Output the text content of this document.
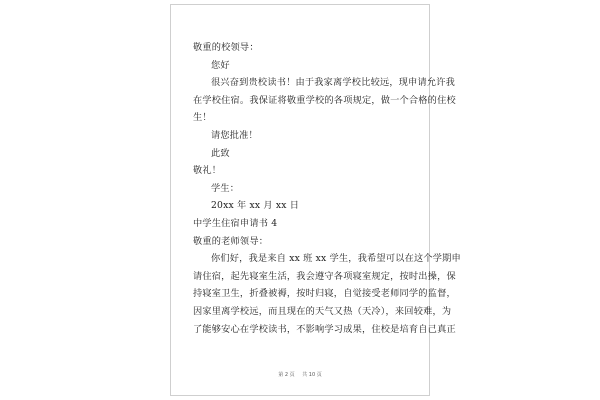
敬重的校领导：
您好
很兴奋到贵校读书！由于我家离学校比较远，现申请允许我
在学校住宿。我保证将敬重学校的各项规定，做一个合格的住校
生！
请您批准！
此致
敬礼！
学生：
20xx 年 xx 月 xx 日
中学生住宿申请书 4
敬重的老师领导：
你们好，我是来自 xx 班 xx 学生，我希望可以在这个学期申
请住宿，起先寝室生活，我会遵守各项寝室规定，按时出操，保
持寝室卫生，折叠被褥，按时归寝，自觉接受老师同学的监督，
因家里离学校远，而且现在的天气又热（天冷），来回较难，为
了能够安心在学校读书，不影响学习成果，住校是培育自己真正
第 2 页 共 10 页
